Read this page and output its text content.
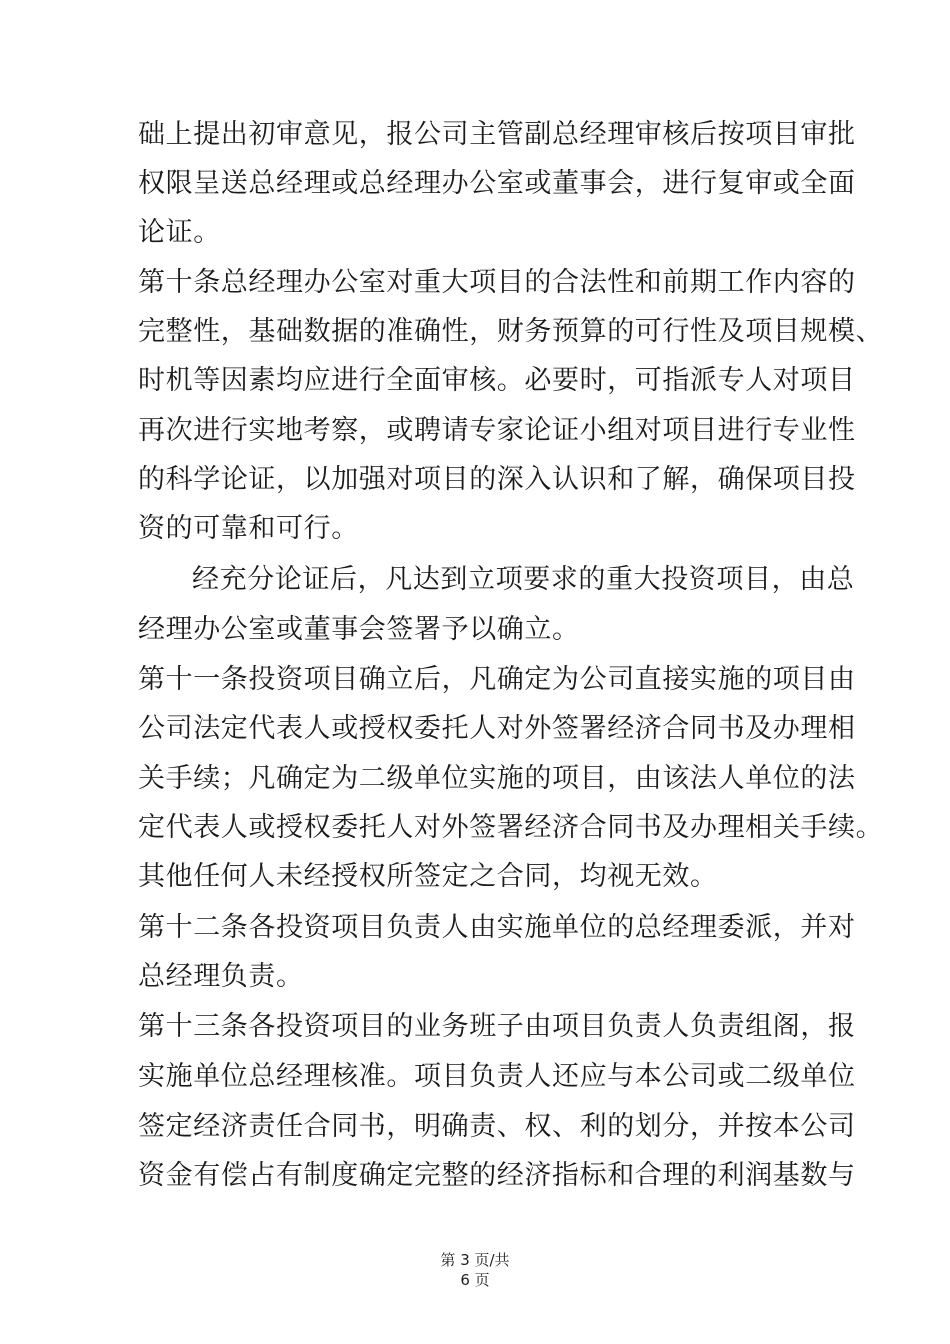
础上提出初审意见，报公司主管副总经理审核后按项目审批
权限呈送总经理或总经理办公室或董事会，进行复审或全面
论证。
第十条总经理办公室对重大项目的合法性和前期工作内容的
完整性，基础数据的准确性，财务预算的可行性及项目规模、
时机等因素均应进行全面审核。必要时，可指派专人对项目
再次进行实地考察，或聘请专家论证小组对项目进行专业性
的科学论证，以加强对项目的深入认识和了解，确保项目投
资的可靠和可行。
经充分论证后，凡达到立项要求的重大投资项目，由总
经理办公室或董事会签署予以确立。
第十一条投资项目确立后，凡确定为公司直接实施的项目由
公司法定代表人或授权委托人对外签署经济合同书及办理相
关手续；凡确定为二级单位实施的项目，由该法人单位的法
定代表人或授权委托人对外签署经济合同书及办理相关手续。
其他任何人未经授权所签定之合同，均视无效。
第十二条各投资项目负责人由实施单位的总经理委派，并对
总经理负责。
第十三条各投资项目的业务班子由项目负责人负责组阁，报
实施单位总经理核准。项目负责人还应与本公司或二级单位
签定经济责任合同书，明确责、权、利的划分，并按本公司
资金有偿占有制度确定完整的经济指标和合理的利润基数与
第 3 页/共
6 页
